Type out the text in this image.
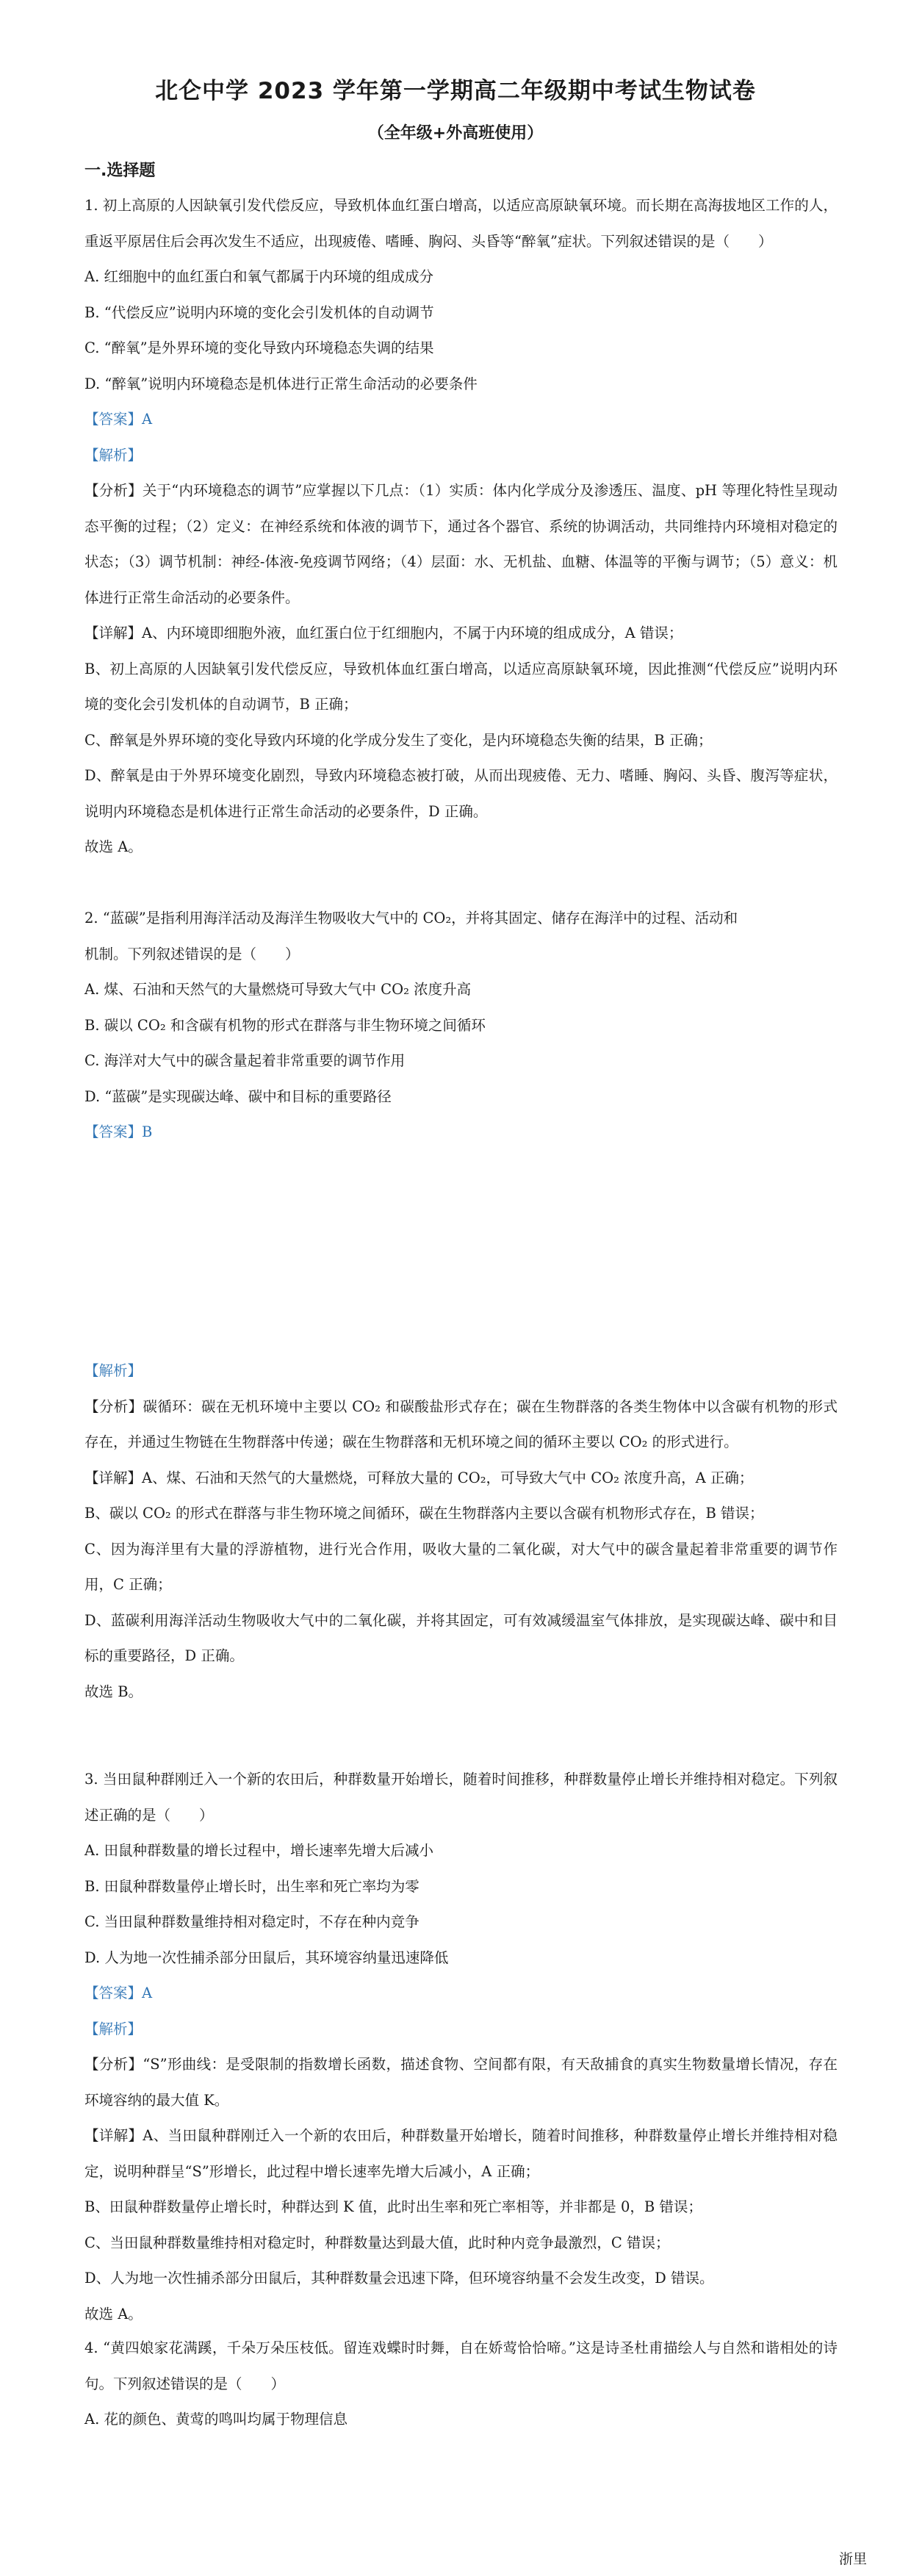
北仑中学 2023 学年第一学期高二年级期中考试生物试卷
（全年级+外高班使用）
一.选择题

1. 初上高原的人因缺氧引发代偿反应，导致机体血红蛋白增高，以适应高原缺氧环境。而长期在高海拔地区工作的人，重返平原居住后会再次发生不适应，出现疲倦、嗜睡、胸闷、头昏等“醉氧”症状。下列叙述错误的是（　　）

A. 红细胞中的血红蛋白和氧气都属于内环境的组成成分

B. “代偿反应”说明内环境的变化会引发机体的自动调节

C. “醉氧”是外界环境的变化导致内环境稳态失调的结果

D. “醉氧”说明内环境稳态是机体进行正常生命活动的必要条件

【答案】A

【解析】

【分析】关于“内环境稳态的调节”应掌握以下几点：（1）实质：体内化学成分及渗透压、温度、pH 等理化特性呈现动态平衡的过程；（2）定义：在神经系统和体液的调节下，通过各个器官、系统的协调活动，共同维持内环境相对稳定的状态；（3）调节机制：神经-体液-免疫调节网络；（4）层面：水、无机盐、血糖、体温等的平衡与调节；（5）意义：机体进行正常生命活动的必要条件。

【详解】A、内环境即细胞外液，血红蛋白位于红细胞内，不属于内环境的组成成分，A 错误；

B、初上高原的人因缺氧引发代偿反应，导致机体血红蛋白增高，以适应高原缺氧环境，因此推测“代偿反应”说明内环境的变化会引发机体的自动调节，B 正确；

C、醉氧是外界环境的变化导致内环境的化学成分发生了变化，是内环境稳态失衡的结果，B 正确；

D、醉氧是由于外界环境变化剧烈，导致内环境稳态被打破，从而出现疲倦、无力、嗜睡、胸闷、头昏、腹泻等症状，说明内环境稳态是机体进行正常生命活动的必要条件，D 正确。

故选 A。

2. “蓝碳”是指利用海洋活动及海洋生物吸收大气中的 CO₂，并将其固定、储存在海洋中的过程、活动和

机制。下列叙述错误的是（　　）

A. 煤、石油和天然气的大量燃烧可导致大气中 CO₂ 浓度升高

B. 碳以 CO₂ 和含碳有机物的形式在群落与非生物环境之间循环

C. 海洋对大气中的碳含量起着非常重要的调节作用

D. “蓝碳”是实现碳达峰、碳中和目标的重要路径

【答案】B

【解析】

【分析】碳循环：碳在无机环境中主要以 CO₂ 和碳酸盐形式存在；碳在生物群落的各类生物体中以含碳有机物的形式存在，并通过生物链在生物群落中传递；碳在生物群落和无机环境之间的循环主要以 CO₂ 的形式进行。

【详解】A、煤、石油和天然气的大量燃烧，可释放大量的 CO₂，可导致大气中 CO₂ 浓度升高，A 正确；

B、碳以 CO₂ 的形式在群落与非生物环境之间循环，碳在生物群落内主要以含碳有机物形式存在，B 错误；

C、因为海洋里有大量的浮游植物，进行光合作用，吸收大量的二氧化碳，对大气中的碳含量起着非常重要的调节作用，C 正确；

D、蓝碳利用海洋活动生物吸收大气中的二氧化碳，并将其固定，可有效减缓温室气体排放，是实现碳达峰、碳中和目标的重要路径，D 正确。

故选 B。

3. 当田鼠种群刚迁入一个新的农田后，种群数量开始增长，随着时间推移，种群数量停止增长并维持相对稳定。下列叙述正确的是（　　）

A. 田鼠种群数量的增长过程中，增长速率先增大后减小

B. 田鼠种群数量停止增长时，出生率和死亡率均为零

C. 当田鼠种群数量维持相对稳定时，不存在种内竞争

D. 人为地一次性捕杀部分田鼠后，其环境容纳量迅速降低

【答案】A

【解析】

【分析】“S”形曲线：是受限制的指数增长函数，描述食物、空间都有限，有天敌捕食的真实生物数量增长情况，存在环境容纳的最大值 K。

【详解】A、当田鼠种群刚迁入一个新的农田后，种群数量开始增长，随着时间推移，种群数量停止增长并维持相对稳定，说明种群呈“S”形增长，此过程中增长速率先增大后减小，A 正确；

B、田鼠种群数量停止增长时，种群达到 K 值，此时出生率和死亡率相等，并非都是 0，B 错误；

C、当田鼠种群数量维持相对稳定时，种群数量达到最大值，此时种内竞争最激烈，C 错误；

D、人为地一次性捕杀部分田鼠后，其种群数量会迅速下降，但环境容纳量不会发生改变，D 错误。

故选 A。

4. “黄四娘家花满蹊，千朵万朵压枝低。留连戏蝶时时舞，自在娇莺恰恰啼。”这是诗圣杜甫描绘人与自然和谐相处的诗句。下列叙述错误的是（　　）

A. 花的颜色、黄莺的鸣叫均属于物理信息

浙里
